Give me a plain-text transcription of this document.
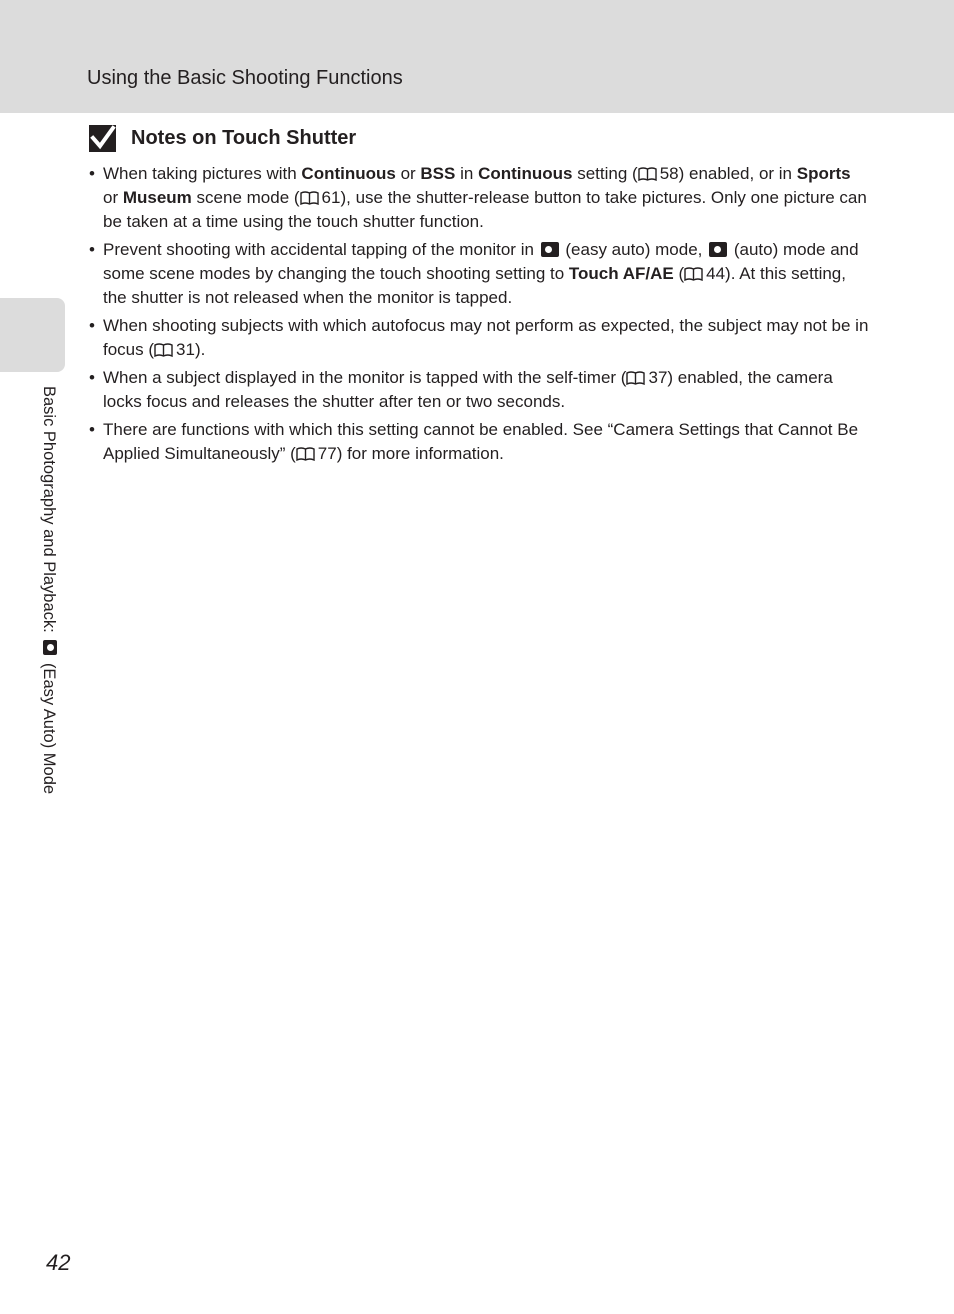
Using the Basic Shooting Functions
Basic Photography and Playback:  (Easy Auto) Mode
Notes on Touch Shutter
• When taking pictures with Continuous or BSS in Continuous setting ( 58) enabled, or in Sports or Museum scene mode ( 61), use the shutter-release button to take pictures. Only one picture can be taken at a time using the touch shutter function.
• Prevent shooting with accidental tapping of the monitor in  (easy auto) mode,  (auto) mode and some scene modes by changing the touch shooting setting to Touch AF/AE ( 44). At this setting, the shutter is not released when the monitor is tapped.
• When shooting subjects with which autofocus may not perform as expected, the subject may not be in focus ( 31).
• When a subject displayed in the monitor is tapped with the self-timer ( 37) enabled, the camera locks focus and releases the shutter after ten or two seconds.
• There are functions with which this setting cannot be enabled. See “Camera Settings that Cannot Be Applied Simultaneously” ( 77) for more information.
42
